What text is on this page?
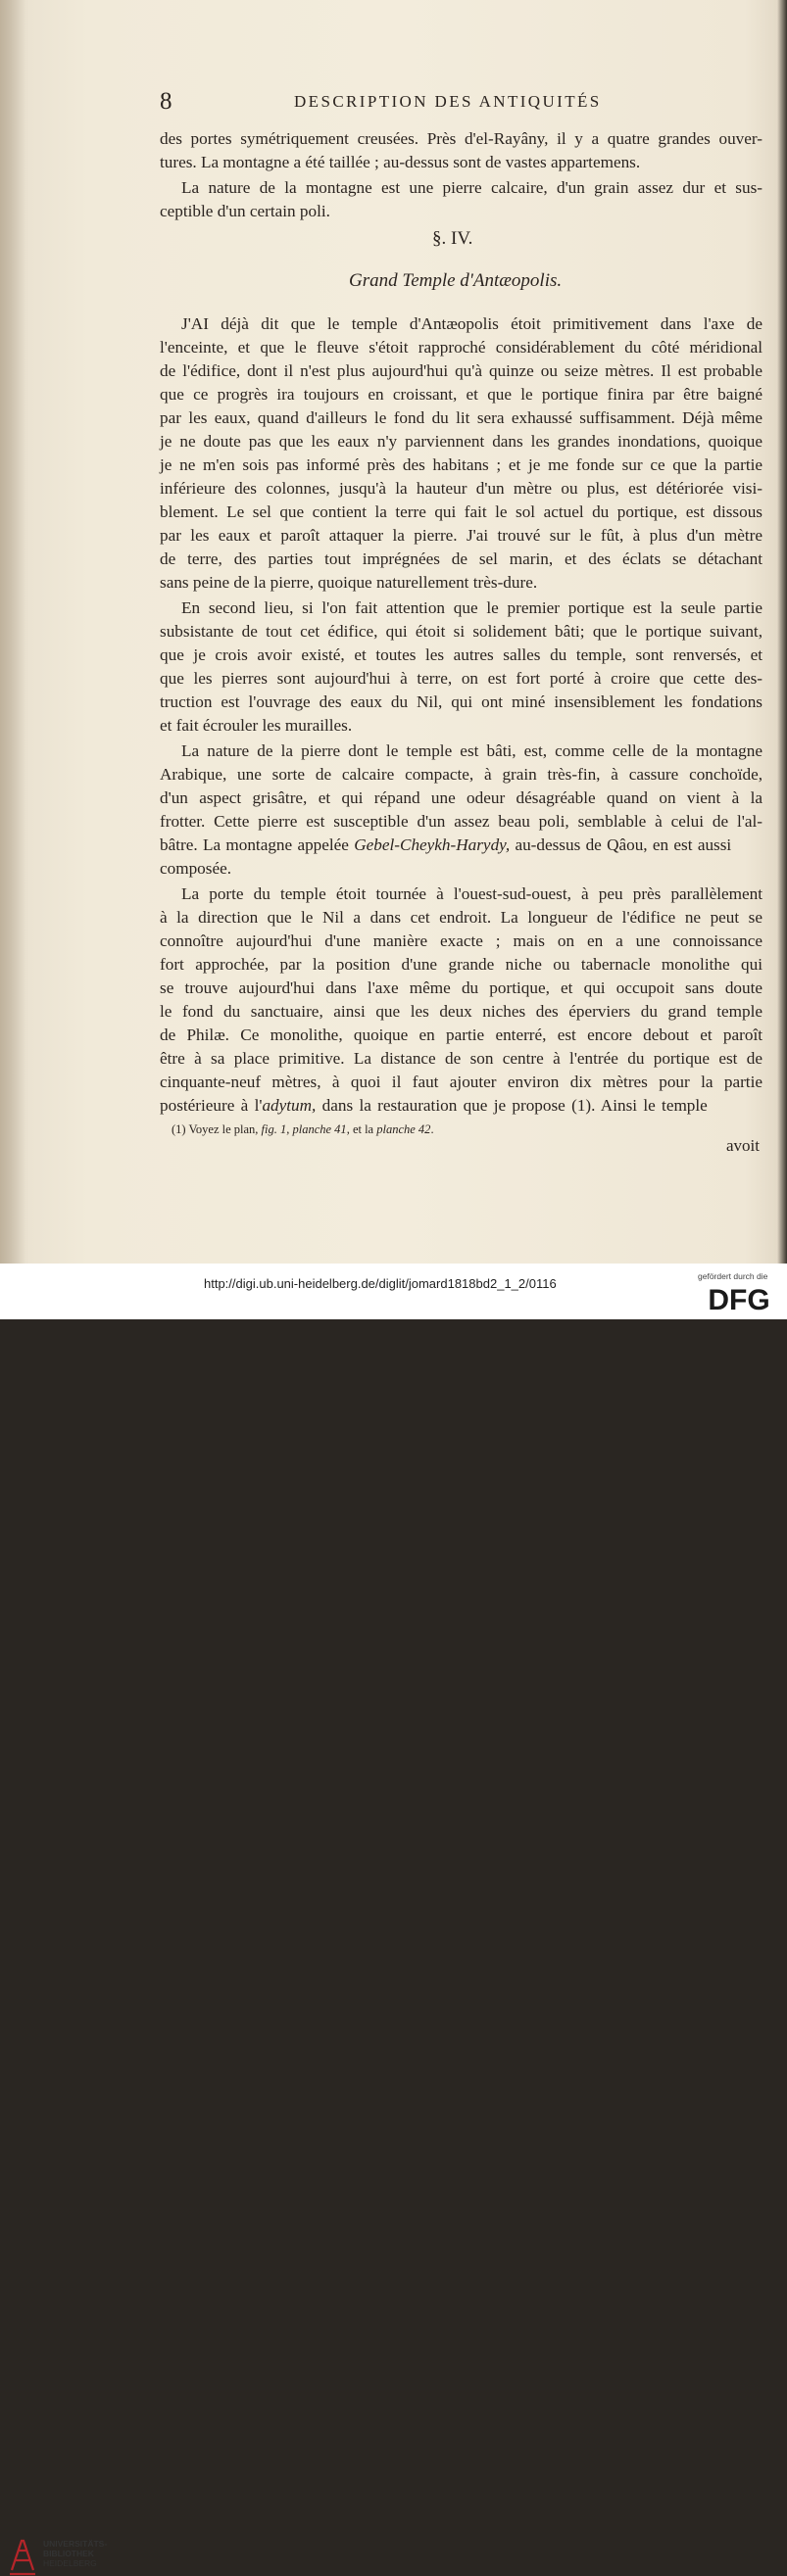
8	DESCRIPTION DES ANTIQUITÉS
des portes symétriquement creusées. Près d'el-Rayâny, il y a quatre grandes ouver-
tures. La montagne a été taillée ; au-dessus sont de vastes appartemens.
La nature de la montagne est une pierre calcaire, d'un grain assez dur et sus-
ceptible d'un certain poli.
§. IV.
Grand Temple d'Antæopolis.
J'AI déjà dit que le temple d'Antæopolis étoit primitivement dans l'axe de
l'enceinte, et que le fleuve s'étoit rapproché considérablement du côté méridional
de l'édifice, dont il n'est plus aujourd'hui qu'à quinze ou seize mètres. Il est probable
que ce progrès ira toujours en croissant, et que le portique finira par être baigné
par les eaux, quand d'ailleurs le fond du lit sera exhaussé suffisamment. Déjà même
je ne doute pas que les eaux n'y parviennent dans les grandes inondations, quoique
je ne m'en sois pas informé près des habitans ; et je me fonde sur ce que la partie
inférieure des colonnes, jusqu'à la hauteur d'un mètre ou plus, est détériorée visi-
blement. Le sel que contient la terre qui fait le sol actuel du portique, est dissous
par les eaux et paroît attaquer la pierre. J'ai trouvé sur le fût, à plus d'un mètre
de terre, des parties tout imprégnées de sel marin, et des éclats se détachant
sans peine de la pierre, quoique naturellement très-dure.
En second lieu, si l'on fait attention que le premier portique est la seule partie
subsistante de tout cet édifice, qui étoit si solidement bâti; que le portique suivant,
que je crois avoir existé, et toutes les autres salles du temple, sont renversés, et
que les pierres sont aujourd'hui à terre, on est fort porté à croire que cette des-
truction est l'ouvrage des eaux du Nil, qui ont miné insensiblement les fondations
et fait écrouler les murailles.
La nature de la pierre dont le temple est bâti, est, comme celle de la montagne
Arabique, une sorte de calcaire compacte, à grain très-fin, à cassure conchoïde,
d'un aspect grisâtre, et qui répand une odeur désagréable quand on vient à la
frotter. Cette pierre est susceptible d'un assez beau poli, semblable à celui de l'al-
bâtre. La montagne appelée Gebel-Cheykh-Harydy, au-dessus de Qâou, en est aussi
composée.
La porte du temple étoit tournée à l'ouest-sud-ouest, à peu près parallèlement
à la direction que le Nil a dans cet endroit. La longueur de l'édifice ne peut se
connoître aujourd'hui d'une manière exacte ; mais on en a une connoissance
fort approchée, par la position d'une grande niche ou tabernacle monolithe qui
se trouve aujourd'hui dans l'axe même du portique, et qui occupoit sans doute
le fond du sanctuaire, ainsi que les deux niches des éperviers du grand temple
de Philæ. Ce monolithe, quoique en partie enterré, est encore debout et paroît
être à sa place primitive. La distance de son centre à l'entrée du portique est de
cinquante-neuf mètres, à quoi il faut ajouter environ dix mètres pour la partie
postérieure à l'adytum, dans la restauration que je propose (1). Ainsi le temple
(1) Voyez le plan, fig. 1, planche 41, et la planche 42.
avoit
UNIVERSITÄTS-
BIBLIOTHEK
HEIDELBERG
http://digi.ub.uni-heidelberg.de/diglit/jomard1818bd2_1_2/0116	gefördert durch die
DFG
